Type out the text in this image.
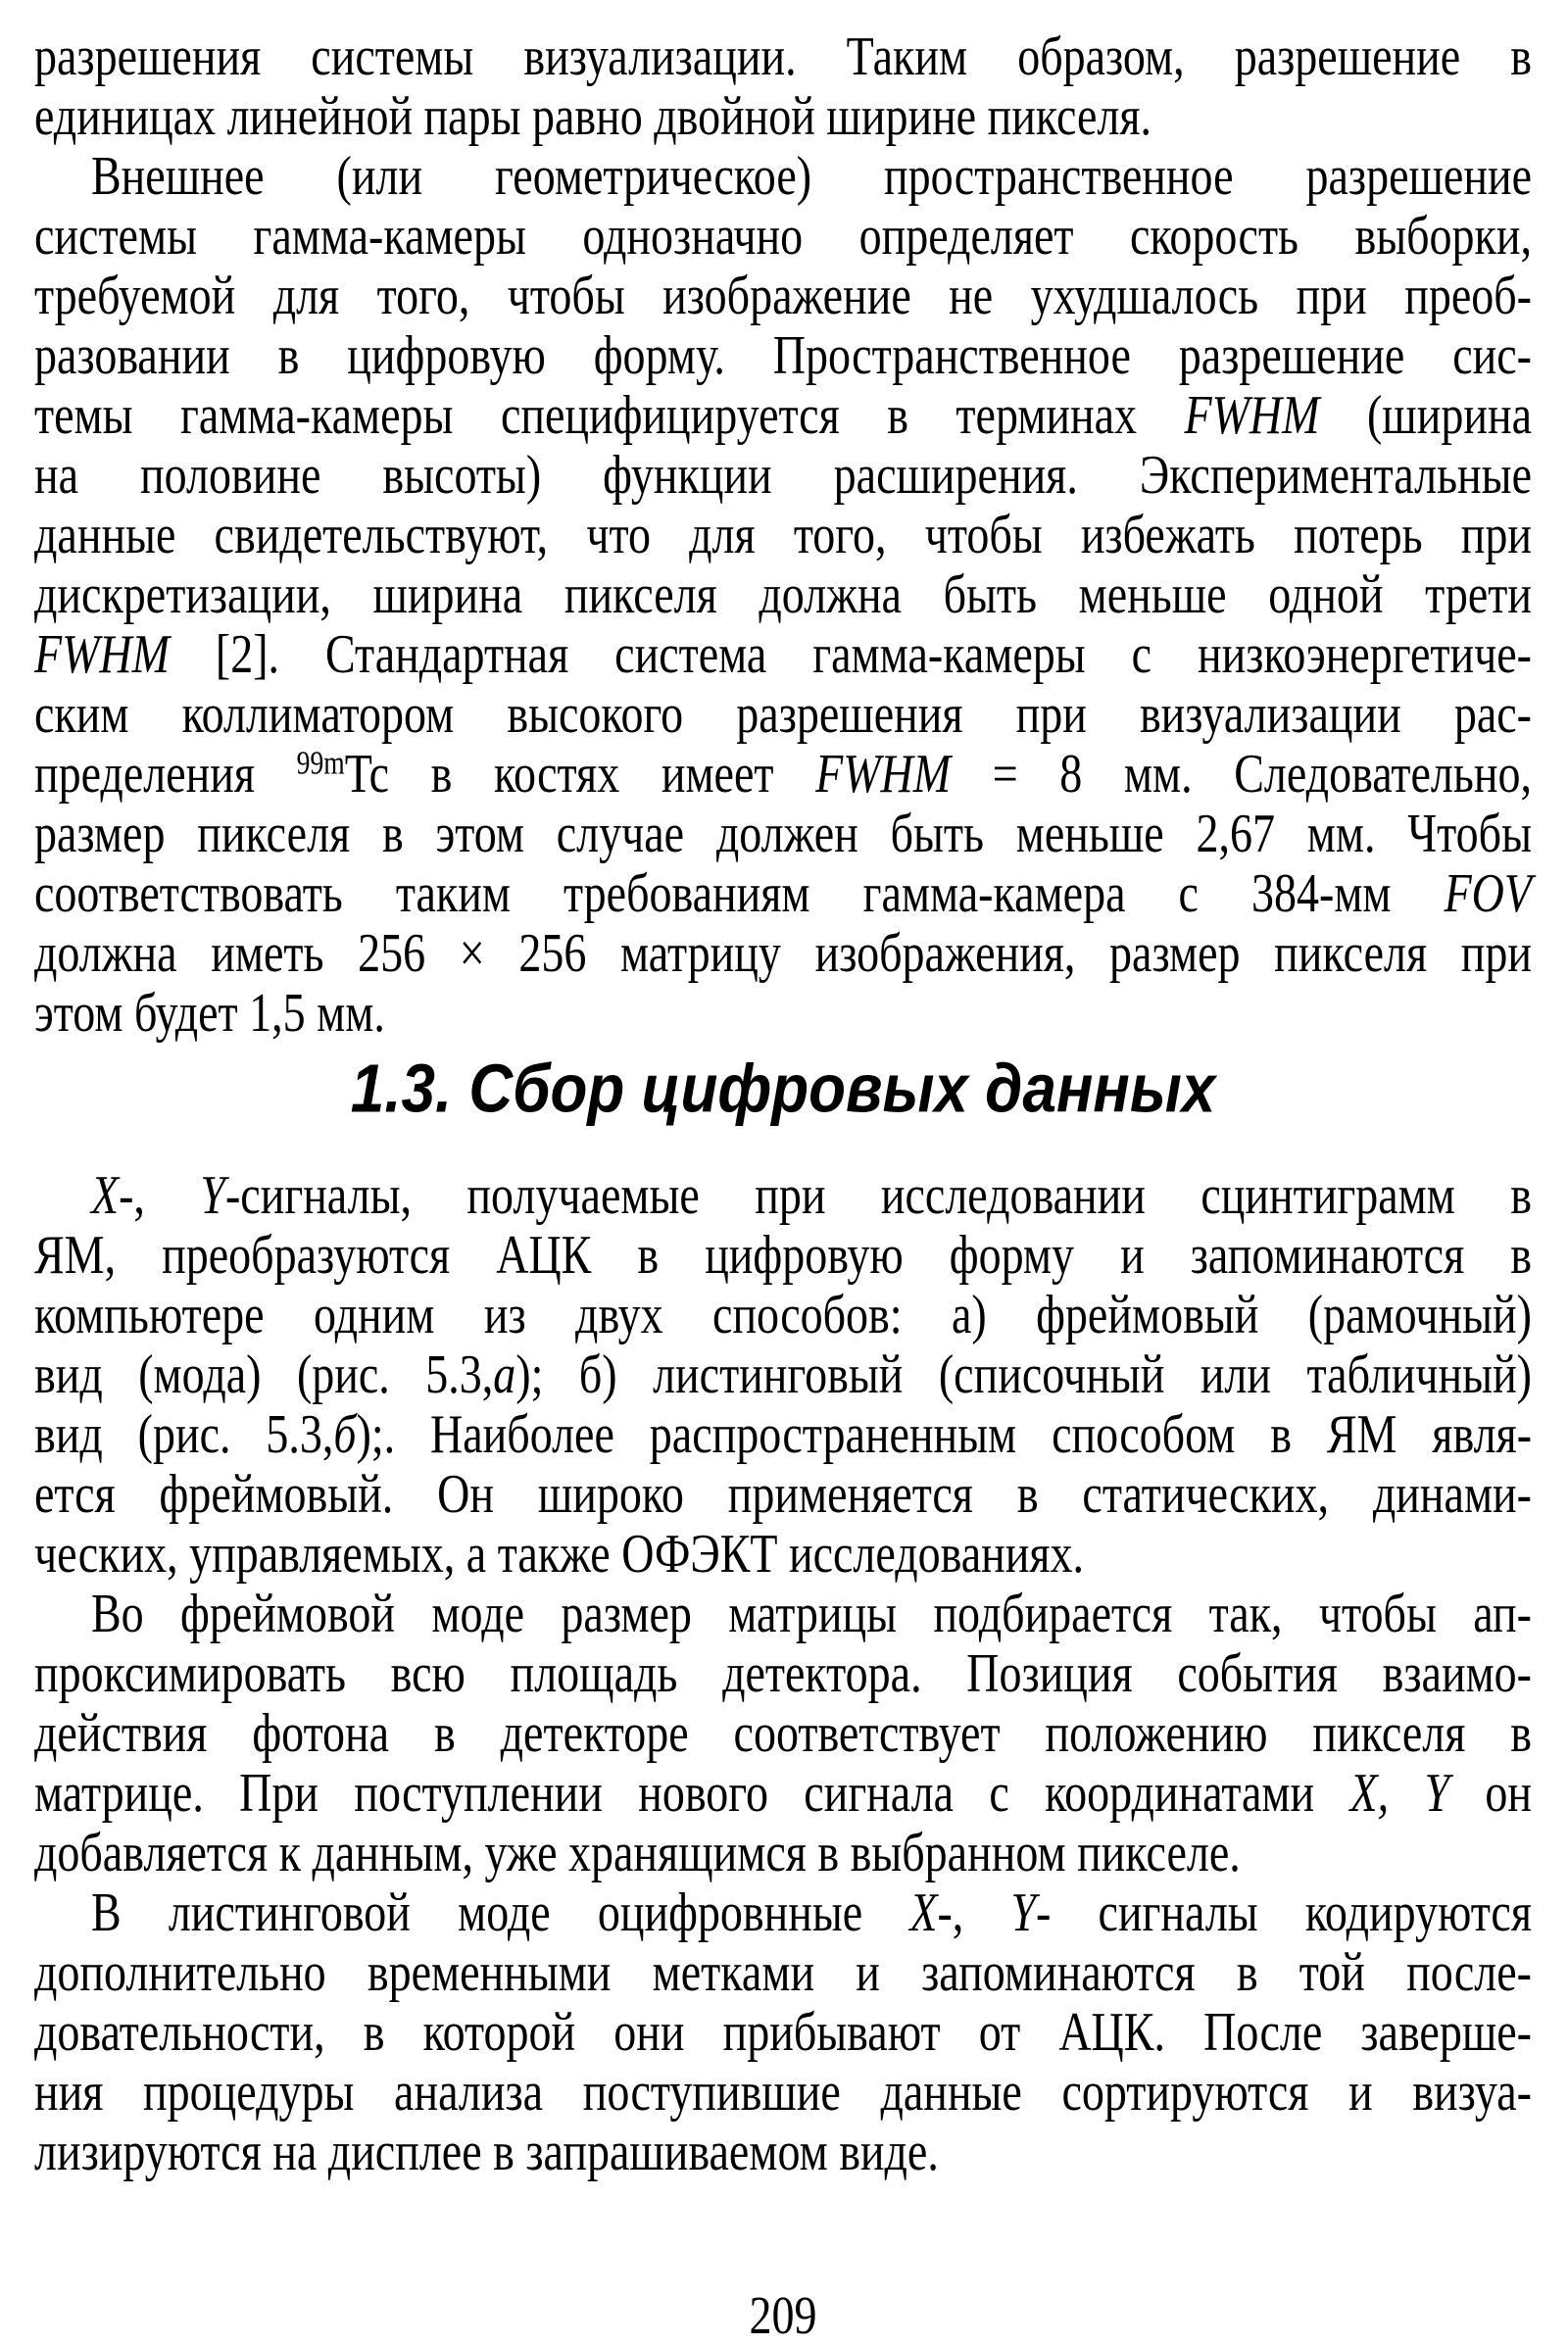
разрешения системы визуализации. Таким образом, разрешение в
единицах линейной пары равно двойной ширине пикселя.
Внешнее (или геометрическое) пространственное разрешение
системы гамма-камеры однозначно определяет скорость выборки,
требуемой для того, чтобы изображение не ухудшалось при преоб-
разовании в цифровую форму. Пространственное разрешение сис-
темы гамма-камеры специфицируется в терминах FWHM (ширина
на половине высоты) функции расширения. Экспериментальные
данные свидетельствуют, что для того, чтобы избежать потерь при
дискретизации, ширина пикселя должна быть меньше одной трети
FWHM [2]. Стандартная система гамма-камеры с низкоэнергетиче-
ским коллиматором высокого разрешения при визуализации рас-
пределения $^{99m}$Tc в костях имеет FWHM = 8 мм. Следовательно,
размер пикселя в этом случае должен быть меньше 2,67 мм. Чтобы
соответствовать таким требованиям гамма-камера с 384-мм FOV
должна иметь 256 × 256 матрицу изображения, размер пикселя при
этом будет 1,5 мм.
1.3. Сбор цифровых данных
X-, Y-сигналы, получаемые при исследовании сцинтиграмм в
ЯМ, преобразуются АЦК в цифровую форму и запоминаются в
компьютере одним из двух способов: а) фреймовый (рамочный)
вид (мода) (рис. 5.3,а); б) листинговый (списочный или табличный)
вид (рис. 5.3,б);. Наиболее распространенным способом в ЯМ явля-
ется фреймовый. Он широко применяется в статических, динами-
ческих, управляемых, а также ОФЭКТ исследованиях.
Во фреймовой моде размер матрицы подбирается так, чтобы ап-
проксимировать всю площадь детектора. Позиция события взаимо-
действия фотона в детекторе соответствует положению пикселя в
матрице. При поступлении нового сигнала с координатами X, Y он
добавляется к данным, уже хранящимся в выбранном пикселе.
В листинговой моде оцифровнные X-, Y- сигналы кодируются
дополнительно временными метками и запоминаются в той после-
довательности, в которой они прибывают от АЦК. После заверше-
ния процедуры анализа поступившие данные сортируются и визуа-
лизируются на дисплее в запрашиваемом виде.
209
